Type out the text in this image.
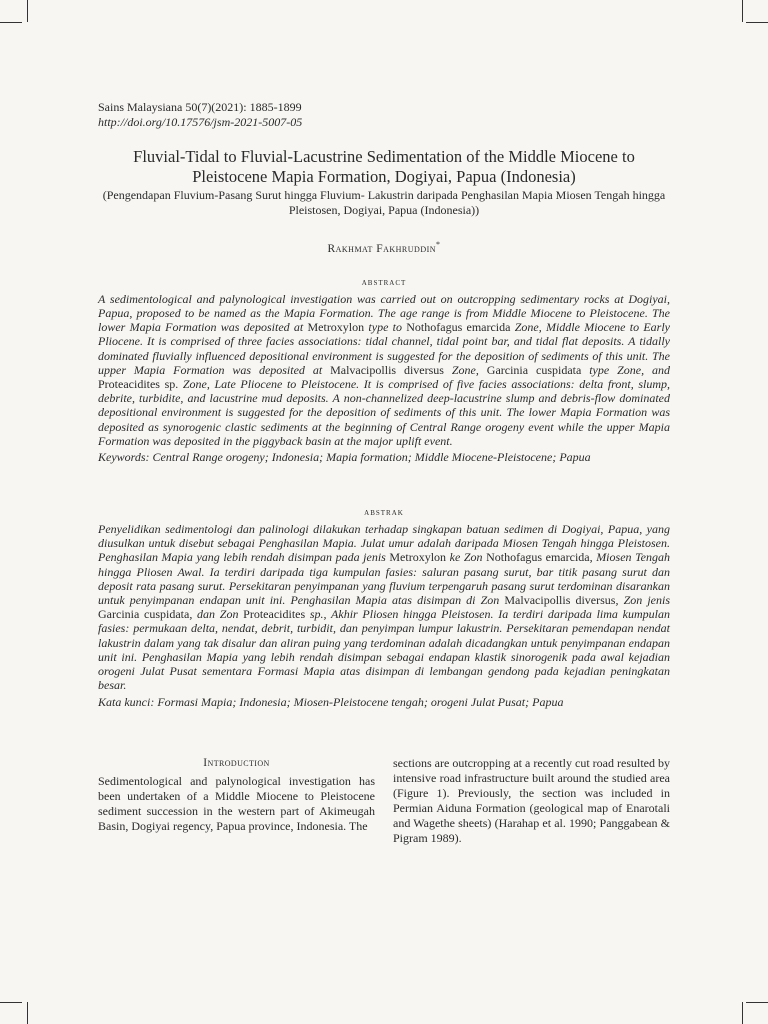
Sains Malaysiana 50(7)(2021): 1885-1899
http://doi.org/10.17576/jsm-2021-5007-05
Fluvial-Tidal to Fluvial-Lacustrine Sedimentation of the Middle Miocene to Pleistocene Mapia Formation, Dogiyai, Papua (Indonesia)
(Pengendapan Fluvium-Pasang Surut hingga Fluvium- Lakustrin daripada Penghasilan Mapia Miosen Tengah hingga Pleistosen, Dogiyai, Papua (Indonesia))
Rakhmat Fakhruddin*
abstract
A sedimentological and palynological investigation was carried out on outcropping sedimentary rocks at Dogiyai, Papua, proposed to be named as the Mapia Formation. The age range is from Middle Miocene to Pleistocene. The lower Mapia Formation was deposited at Metroxylon type to Nothofagus emarcida Zone, Middle Miocene to Early Pliocene. It is comprised of three facies associations: tidal channel, tidal point bar, and tidal flat deposits. A tidally dominated fluvially influenced depositional environment is suggested for the deposition of sediments of this unit. The upper Mapia Formation was deposited at Malvacipollis diversus Zone, Garcinia cuspidata type Zone, and Proteacidites sp. Zone, Late Pliocene to Pleistocene. It is comprised of five facies associations: delta front, slump, debrite, turbidite, and lacustrine mud deposits. A non-channelized deep-lacustrine slump and debris-flow dominated depositional environment is suggested for the deposition of sediments of this unit. The lower Mapia Formation was deposited as synorogenic clastic sediments at the beginning of Central Range orogeny event while the upper Mapia Formation was deposited in the piggyback basin at the major uplift event.
Keywords: Central Range orogeny; Indonesia; Mapia formation; Middle Miocene-Pleistocene; Papua
abstrak
Penyelidikan sedimentologi dan palinologi dilakukan terhadap singkapan batuan sedimen di Dogiyai, Papua, yang diusulkan untuk disebut sebagai Penghasilan Mapia. Julat umur adalah daripada Miosen Tengah hingga Pleistosen. Penghasilan Mapia yang lebih rendah disimpan pada jenis Metroxylon ke Zon Nothofagus emarcida, Miosen Tengah hingga Pliosen Awal. Ia terdiri daripada tiga kumpulan fasies: saluran pasang surut, bar titik pasang surut dan deposit rata pasang surut. Persekitaran penyimpanan yang fluvium terpengaruh pasang surut terdominan disarankan untuk penyimpanan endapan unit ini. Penghasilan Mapia atas disimpan di Zon Malvacipollis diversus, Zon jenis Garcinia cuspidata, dan Zon Proteacidites sp., Akhir Pliosen hingga Pleistosen. Ia terdiri daripada lima kumpulan fasies: permukaan delta, nendat, debrit, turbidit, dan penyimpan lumpur lakustrin. Persekitaran pemendapan nendat lakustrin dalam yang tak disalur dan aliran puing yang terdominan adalah dicadangkan untuk penyimpanan endapan unit ini. Penghasilan Mapia yang lebih rendah disimpan sebagai endapan klastik sinorogenik pada awal kejadian orogeni Julat Pusat sementara Formasi Mapia atas disimpan di lembangan gendong pada kejadian peningkatan besar.
Kata kunci: Formasi Mapia; Indonesia; Miosen-Pleistocene tengah; orogeni Julat Pusat; Papua
Introduction
Sedimentological and palynological investigation has been undertaken of a Middle Miocene to Pleistocene sediment succession in the western part of Akimeugah Basin, Dogiyai regency, Papua province, Indonesia. The
sections are outcropping at a recently cut road resulted by intensive road infrastructure built around the studied area (Figure 1). Previously, the section was included in Permian Aiduna Formation (geological map of Enarotali and Wagethe sheets) (Harahap et al. 1990; Panggabean & Pigram 1989).
